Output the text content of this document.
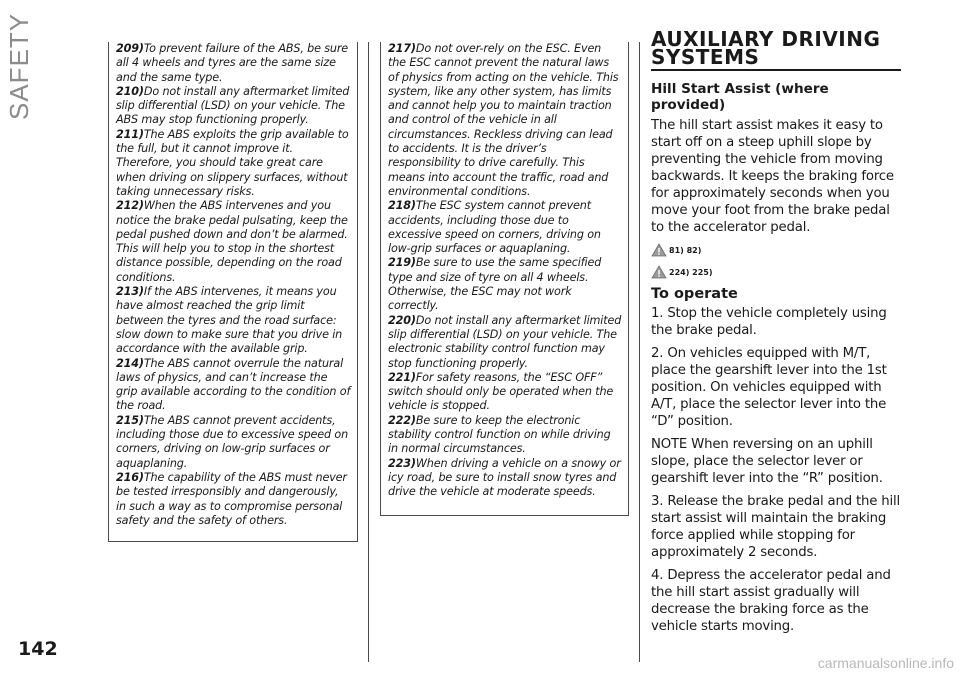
SAFETY	209)To prevent failure of the ABS, be sure all 4 wheels and tyres are the same size and the same type.

210)Do not install any aftermarket limited slip differential (LSD) on your vehicle. The ABS may stop functioning properly.

211)The ABS exploits the grip available to the full, but it cannot improve it. Therefore, you should take great care when driving on slippery surfaces, without taking unnecessary risks.

212)When the ABS intervenes and you notice the brake pedal pulsating, keep the pedal pushed down and don’t be alarmed. This will help you to stop in the shortest distance possible, depending on the road conditions.

213)If the ABS intervenes, it means you have almost reached the grip limit between the tyres and the road surface: slow down to make sure that you drive in accordance with the available grip.

214)The ABS cannot overrule the natural laws of physics, and can’t increase the grip available according to the condition of the road.

215)The ABS cannot prevent accidents, including those due to excessive speed on corners, driving on low-grip surfaces or aquaplaning.

216)The capability of the ABS must never be tested irresponsibly and dangerously, in such a way as to compromise personal safety and the safety of others.

217)Do not over-rely on the ESC. Even the ESC cannot prevent the natural laws of physics from acting on the vehicle. This system, like any other system, has limits and cannot help you to maintain traction and control of the vehicle in all circumstances. Reckless driving can lead to accidents. It is the driver’s responsibility to drive carefully. This means into account the traffic, road and environmental conditions.

218)The ESC system cannot prevent accidents, including those due to excessive speed on corners, driving on low-grip surfaces or aquaplaning.

219)Be sure to use the same specified type and size of tyre on all 4 wheels. Otherwise, the ESC may not work correctly.

220)Do not install any aftermarket limited slip differential (LSD) on your vehicle. The electronic stability control function may stop functioning properly.

221)For safety reasons, the “ESC OFF” switch should only be operated when the vehicle is stopped.

222)Be sure to keep the electronic stability control function on while driving in normal circumstances.

223)When driving a vehicle on a snowy or icy road, be sure to install snow tyres and drive the vehicle at moderate speeds.

AUXILIARY DRIVING
SYSTEMS
Hill Start Assist (where provided)

The hill start assist makes it easy to start off on a steep uphill slope by preventing the vehicle from moving backwards. It keeps the braking force for approximately seconds when you move your foot from the brake pedal to the accelerator pedal.

81) 82)
224) 225)
To operate

1. Stop the vehicle completely using the brake pedal.

2. On vehicles equipped with M/T, place the gearshift lever into the 1st position. On vehicles equipped with A/T, place the selector lever into the “D” position.

NOTE When reversing on an uphill slope, place the selector lever or gearshift lever into the “R” position.

3. Release the brake pedal and the hill start assist will maintain the braking force applied while stopping for approximately 2 seconds.

4. Depress the accelerator pedal and the hill start assist gradually will decrease the braking force as the vehicle starts moving.

142
carmanualsonline.info
